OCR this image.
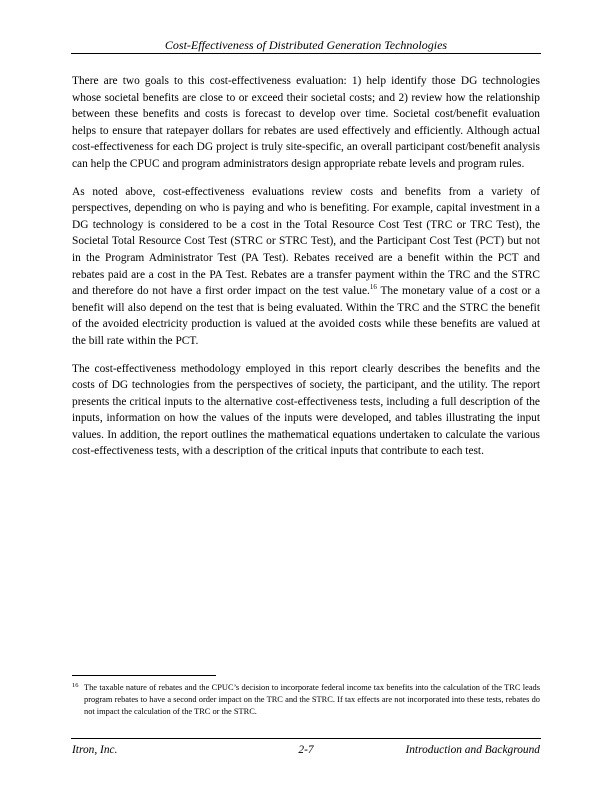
Cost-Effectiveness of Distributed Generation Technologies

There are two goals to this cost-effectiveness evaluation: 1) help identify those DG technologies whose societal benefits are close to or exceed their societal costs; and 2) review how the relationship between these benefits and costs is forecast to develop over time. Societal cost/benefit evaluation helps to ensure that ratepayer dollars for rebates are used effectively and efficiently. Although actual cost-effectiveness for each DG project is truly site-specific, an overall participant cost/benefit analysis can help the CPUC and program administrators design appropriate rebate levels and program rules.

As noted above, cost-effectiveness evaluations review costs and benefits from a variety of perspectives, depending on who is paying and who is benefiting. For example, capital investment in a DG technology is considered to be a cost in the Total Resource Cost Test (TRC or TRC Test), the Societal Total Resource Cost Test (STRC or STRC Test), and the Participant Cost Test (PCT) but not in the Program Administrator Test (PA Test). Rebates received are a benefit within the PCT and rebates paid are a cost in the PA Test. Rebates are a transfer payment within the TRC and the STRC and therefore do not have a first order impact on the test value.$^{16}$ The monetary value of a cost or a benefit will also depend on the test that is being evaluated. Within the TRC and the STRC the benefit of the avoided electricity production is valued at the avoided costs while these benefits are valued at the bill rate within the PCT.

The cost-effectiveness methodology employed in this report clearly describes the benefits and the costs of DG technologies from the perspectives of society, the participant, and the utility. The report presents the critical inputs to the alternative cost-effectiveness tests, including a full description of the inputs, information on how the values of the inputs were developed, and tables illustrating the input values. In addition, the report outlines the mathematical equations undertaken to calculate the various cost-effectiveness tests, with a description of the critical inputs that contribute to each test.

16 The taxable nature of rebates and the CPUC’s decision to incorporate federal income tax benefits into the calculation of the TRC leads program rebates to have a second order impact on the TRC and the STRC. If tax effects are not incorporated into these tests, rebates do not impact the calculation of the TRC or the STRC.
Itron, Inc.	2-7	Introduction and Background
